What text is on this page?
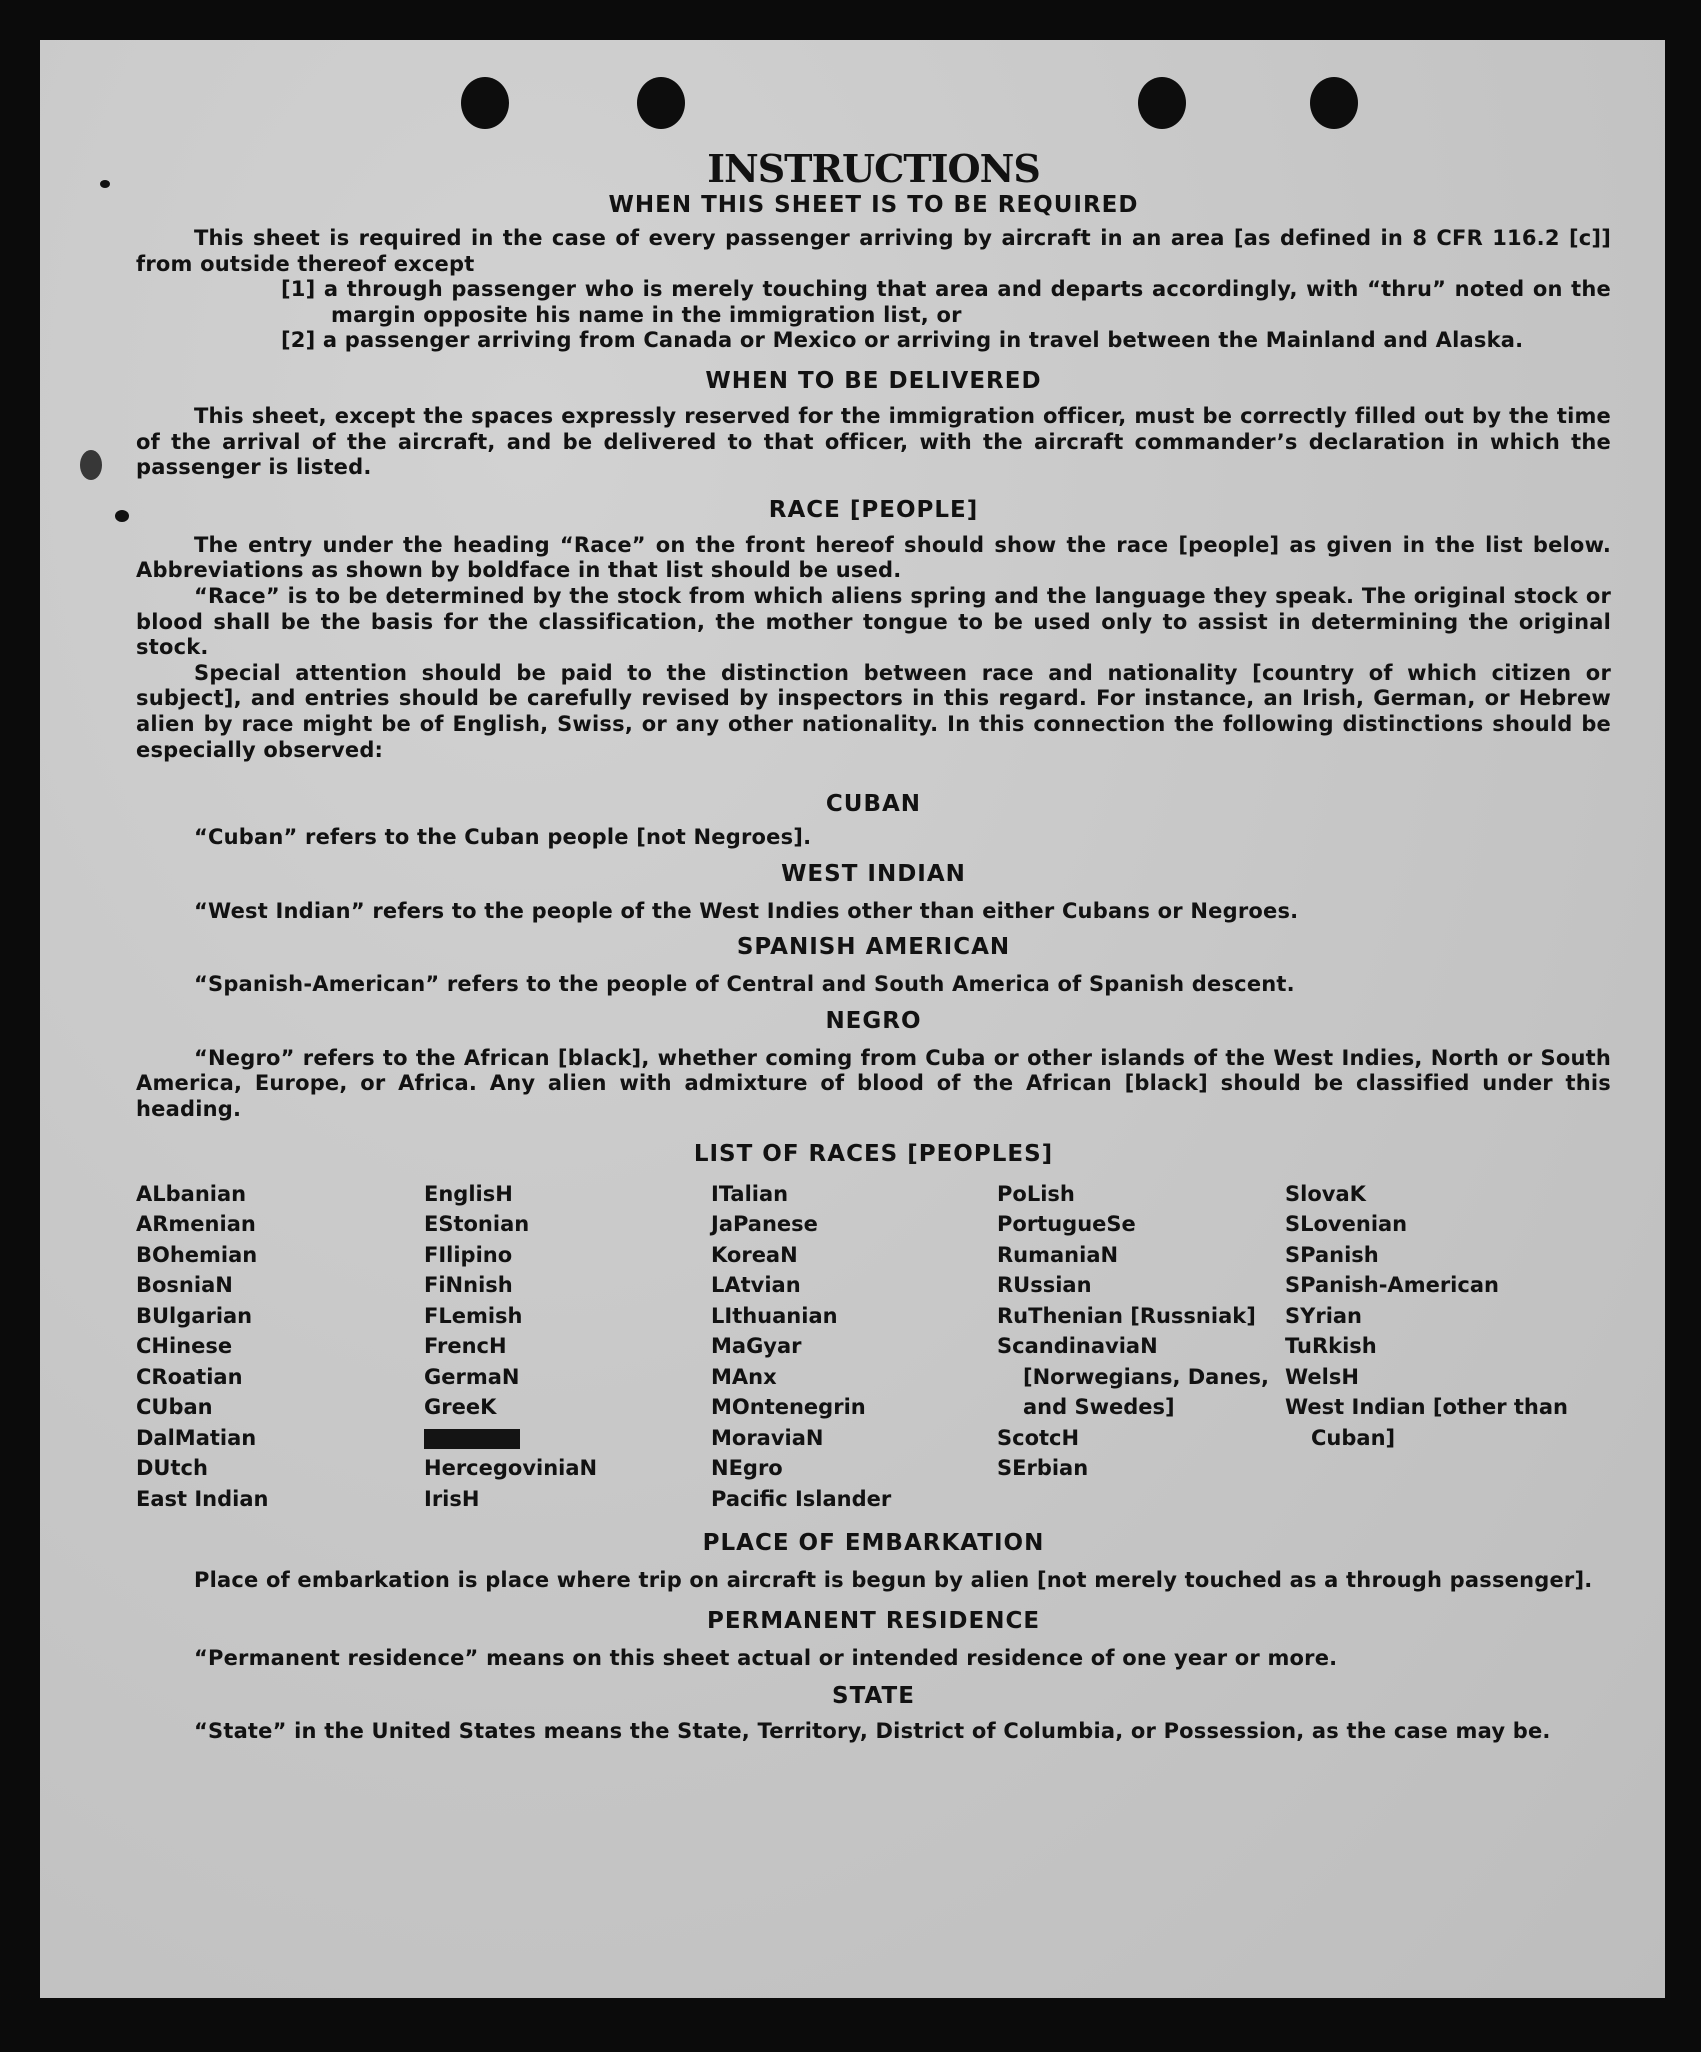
INSTRUCTIONS
WHEN THIS SHEET IS TO BE REQUIRED

This sheet is required in the case of every passenger arriving by aircraft in an area [as defined in 8 CFR 116.2 [c]] from outside thereof except

[1] a through passenger who is merely touching that area and departs accordingly, with “thru” noted on the margin opposite his name in the immigration list, or

[2] a passenger arriving from Canada or Mexico or arriving in travel between the Mainland and Alaska.

WHEN TO BE DELIVERED

This sheet, except the spaces expressly reserved for the immigration officer, must be correctly filled out by the time of the arrival of the aircraft, and be delivered to that officer, with the aircraft commander’s declaration in which the passenger is listed.

RACE [PEOPLE]

The entry under the heading “Race” on the front hereof should show the race [people] as given in the list below. Abbreviations as shown by boldface in that list should be used.

“Race” is to be determined by the stock from which aliens spring and the language they speak. The original stock or blood shall be the basis for the classification, the mother tongue to be used only to assist in determining the original stock.

Special attention should be paid to the distinction between race and nationality [country of which citizen or subject], and entries should be carefully revised by inspectors in this regard. For instance, an Irish, German, or Hebrew alien by race might be of English, Swiss, or any other nationality. In this connection the following distinctions should be especially observed:

CUBAN

“Cuban” refers to the Cuban people [not Negroes].

WEST INDIAN

“West Indian” refers to the people of the West Indies other than either Cubans or Negroes.

SPANISH AMERICAN

“Spanish-American” refers to the people of Central and South America of Spanish descent.

NEGRO

“Negro” refers to the African [black], whether coming from Cuba or other islands of the West Indies, North or South America, Europe, or Africa. Any alien with admixture of blood of the African [black] should be classified under this heading.

LIST OF RACES [PEOPLES]
ALbanian
ARmenian
BOhemian
BosniaN
BUlgarian
CHinese
CRoatian
CUban
DalMatian
DUtch
East Indian
EnglisH
EStonian
FIlipino
FiNnish
FLemish
FrencH
GermaN
GreeK
HercegoviniaN
IrisH
ITalian
JaPanese
KoreaN
LAtvian
LIthuanian
MaGyar
MAnx
MOntenegrin
MoraviaN
NEgro
Pacific Islander
PoLish
PortugueSe
RumaniaN
RUssian
RuThenian [Russniak]
ScandinaviaN [Norwegians, Danes, and Swedes]
ScotcH
SErbian
SlovaK
SLovenian
SPanish
SPanish-American
SYrian
TuRkish
WelsH
West Indian [other than Cuban]
PLACE OF EMBARKATION

Place of embarkation is place where trip on aircraft is begun by alien [not merely touched as a through passenger].

PERMANENT RESIDENCE

“Permanent residence” means on this sheet actual or intended residence of one year or more.

STATE

“State” in the United States means the State, Territory, District of Columbia, or Possession, as the case may be.
